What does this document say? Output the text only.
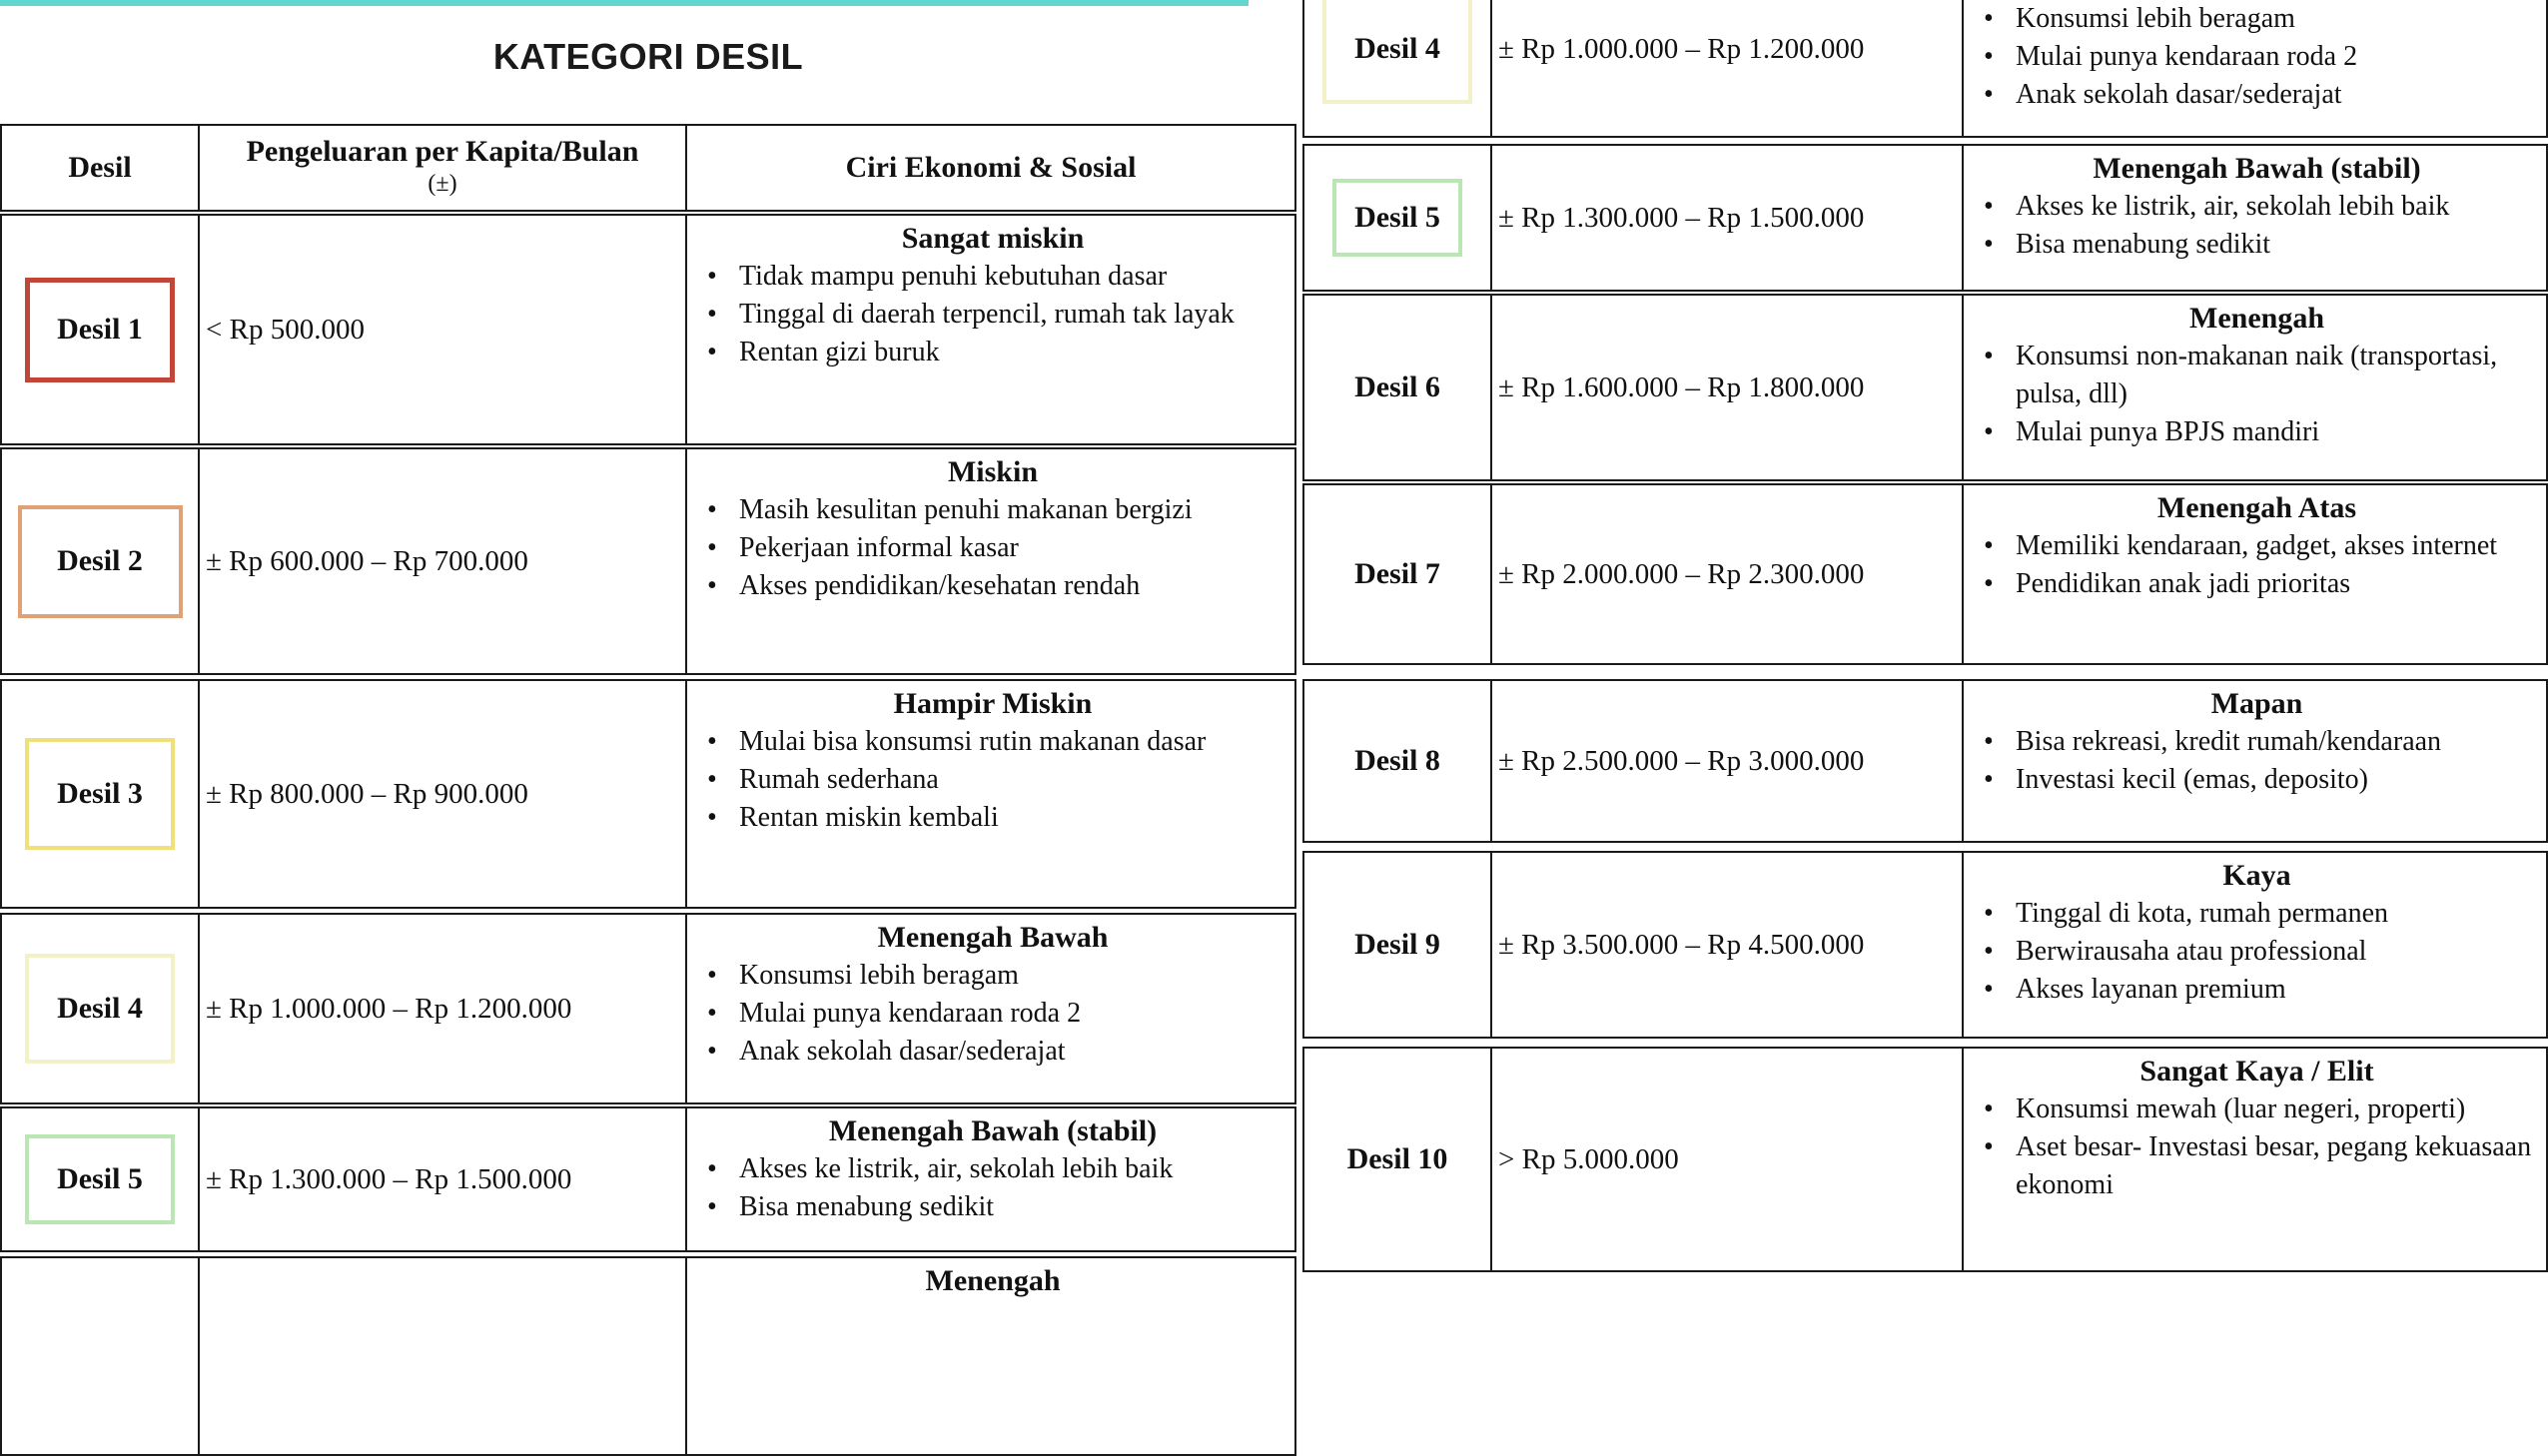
KATEGORI DESIL
Desil	Pengeluaran per Kapita/Bulan
(±)	Ciri Ekonomi & Sosial
Desil 1 < Rp 500.000
Sangat miskin
• Tidak mampu penuhi kebutuhan dasar
• Tinggal di daerah terpencil, rumah tak layak
• Rentan gizi buruk
Desil 2 ± Rp 600.000 – Rp 700.000
Miskin
• Masih kesulitan penuhi makanan bergizi
• Pekerjaan informal kasar
• Akses pendidikan/kesehatan rendah
Desil 3 ± Rp 800.000 – Rp 900.000
Hampir Miskin
• Mulai bisa konsumsi rutin makanan dasar
• Rumah sederhana
• Rentan miskin kembali
Desil 4 ± Rp 1.000.000 – Rp 1.200.000
Menengah Bawah
• Konsumsi lebih beragam
• Mulai punya kendaraan roda 2
• Anak sekolah dasar/sederajat
Desil 5 ± Rp 1.300.000 – Rp 1.500.000
Menengah Bawah (stabil)
• Akses ke listrik, air, sekolah lebih baik
• Bisa menabung sedikit
Menengah
Desil 4 ± Rp 1.000.000 – Rp 1.200.000
• Konsumsi lebih beragam
• Mulai punya kendaraan roda 2
• Anak sekolah dasar/sederajat
Desil 5 ± Rp 1.300.000 – Rp 1.500.000
Menengah Bawah (stabil)
• Akses ke listrik, air, sekolah lebih baik
• Bisa menabung sedikit
Desil 6 ± Rp 1.600.000 – Rp 1.800.000
Menengah
• Konsumsi non-makanan naik (transportasi, pulsa, dll)
• Mulai punya BPJS mandiri
Desil 7 ± Rp 2.000.000 – Rp 2.300.000
Menengah Atas
• Memiliki kendaraan, gadget, akses internet
• Pendidikan anak jadi prioritas
Desil 8 ± Rp 2.500.000 – Rp 3.000.000
Mapan
• Bisa rekreasi, kredit rumah/kendaraan
• Investasi kecil (emas, deposito)
Desil 9 ± Rp 3.500.000 – Rp 4.500.000
Kaya
• Tinggal di kota, rumah permanen
• Berwirausaha atau professional
• Akses layanan premium
Desil 10 > Rp 5.000.000
Sangat Kaya / Elit
• Konsumsi mewah (luar negeri, properti)
• Aset besar- Investasi besar, pegang kekuasaan ekonomi
